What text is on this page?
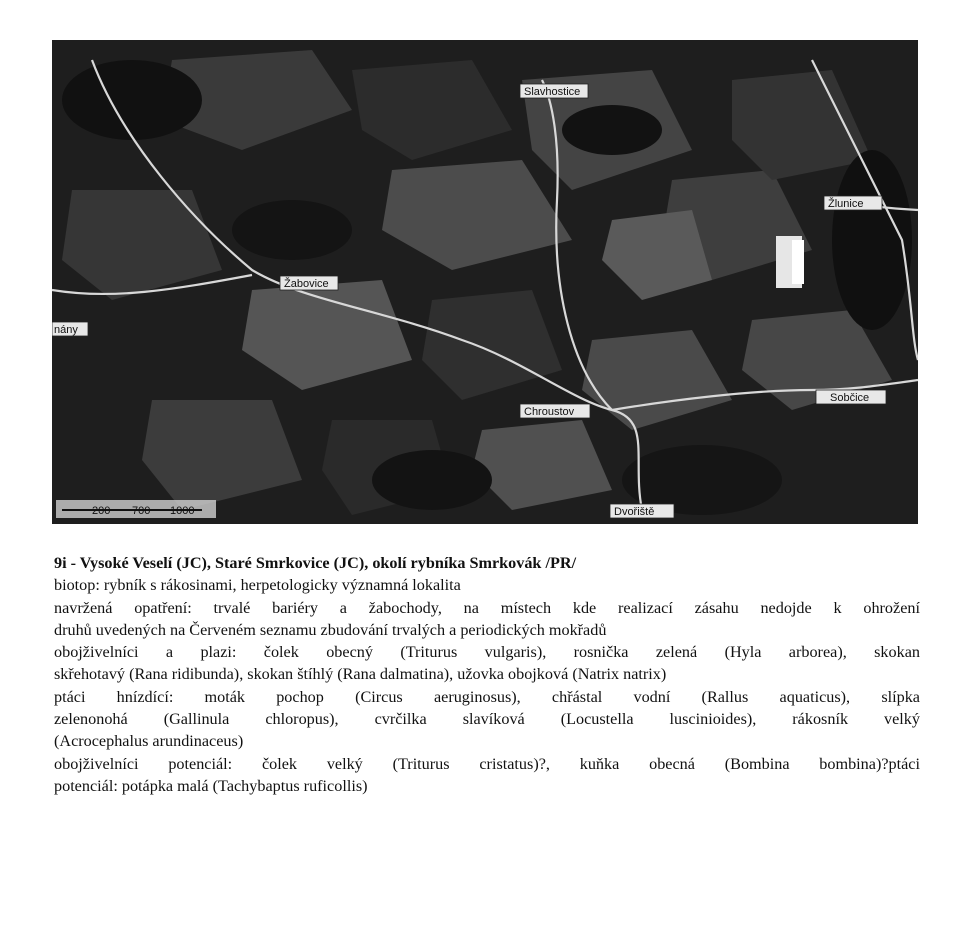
Slavhostice
Žlunice
Žabovice
nány
Chroustov
Sobčice
Dvořiště
200 700 1000
9i - Vysoké Veselí (JC), Staré Smrkovice (JC), okolí rybníka Smrkovák /PR/
biotop: rybník s rákosinami, herpetologicky významná lokalita
navržená opatření: trvalé bariéry a žabochody, na místech kde realizací zásahu nedojde k ohrožení
druhů uvedených na Červeném seznamu zbudování trvalých a periodických mokřadů
obojživelníci a plazi: čolek obecný (Triturus vulgaris), rosnička zelená (Hyla arborea), skokan
skřehotavý (Rana ridibunda), skokan štíhlý (Rana dalmatina), užovka obojková (Natrix natrix)
ptáci hnízdící: moták pochop (Circus aeruginosus), chřástal vodní (Rallus aquaticus), slípka
zelenonohá (Gallinula chloropus), cvrčilka slavíková (Locustella luscinioides), rákosník velký
(Acrocephalus arundinaceus)
obojživelníci potenciál: čolek velký (Triturus cristatus)?, kuňka obecná (Bombina bombina)?ptáci
potenciál: potápka malá (Tachybaptus ruficollis)
